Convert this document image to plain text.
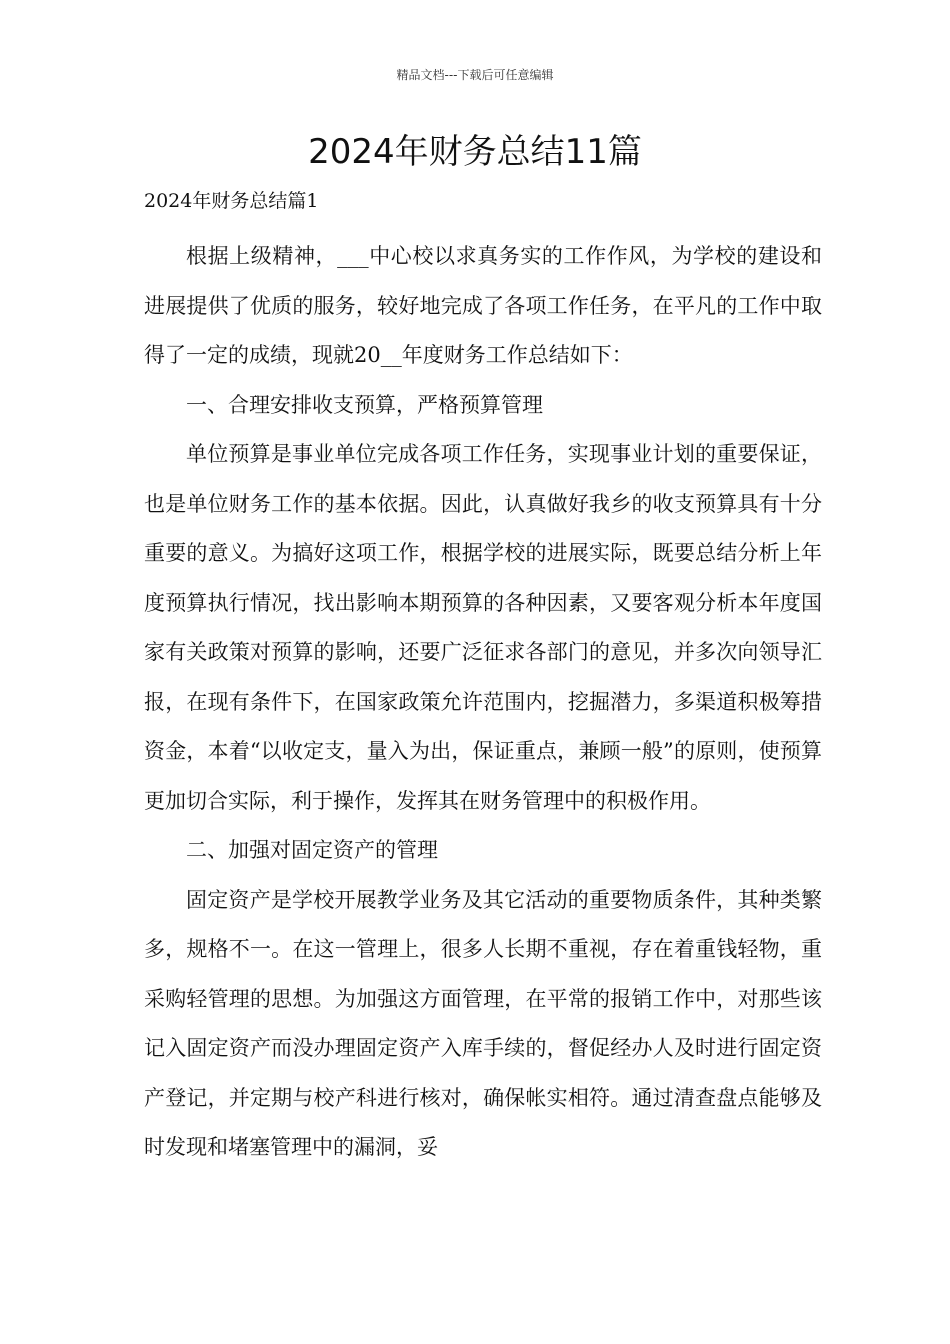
精品文档---下载后可任意编辑
2024年财务总结11篇

2024年财务总结篇1

根据上级精神，___中心校以求真务实的工作作风，为学校的建设和进展提供了优质的服务，较好地完成了各项工作任务，在平凡的工作中取得了一定的成绩，现就20__年度财务工作总结如下：

一、合理安排收支预算，严格预算管理

单位预算是事业单位完成各项工作任务，实现事业计划的重要保证，也是单位财务工作的基本依据。因此，认真做好我乡的收支预算具有十分重要的意义。为搞好这项工作，根据学校的进展实际，既要总结分析上年度预算执行情况，找出影响本期预算的各种因素，又要客观分析本年度国家有关政策对预算的影响，还要广泛征求各部门的意见，并多次向领导汇报，在现有条件下，在国家政策允许范围内，挖掘潜力，多渠道积极筹措资金，本着“以收定支，量入为出，保证重点，兼顾一般”的原则，使预算更加切合实际，利于操作，发挥其在财务管理中的积极作用。

二、加强对固定资产的管理

固定资产是学校开展教学业务及其它活动的重要物质条件，其种类繁多，规格不一。在这一管理上，很多人长期不重视，存在着重钱轻物，重采购轻管理的思想。为加强这方面管理，在平常的报销工作中，对那些该记入固定资产而没办理固定资产入库手续的，督促经办人及时进行固定资产登记，并定期与校产科进行核对，确保帐实相符。通过清查盘点能够及时发现和堵塞管理中的漏洞，妥
